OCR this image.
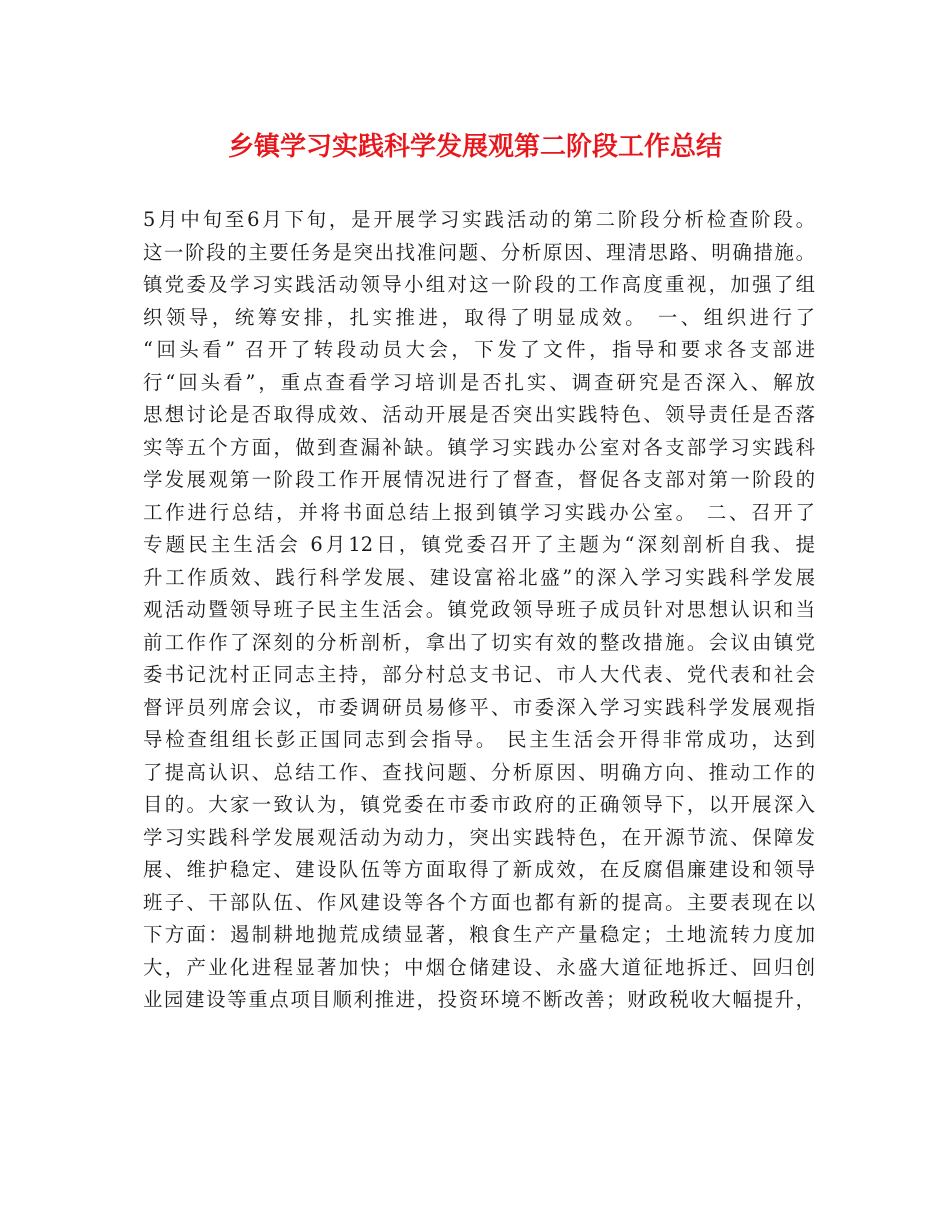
乡镇学习实践科学发展观第二阶段工作总结
5月中旬至6月下旬，是开展学习实践活动的第二阶段分析检查阶段。
这一阶段的主要任务是突出找准问题、分析原因、理清思路、明确措施。
镇党委及学习实践活动领导小组对这一阶段的工作高度重视，加强了组
织领导，统筹安排，扎实推进，取得了明显成效。 一、组织进行了
“回头看” 召开了转段动员大会，下发了文件，指导和要求各支部进
行“回头看”，重点查看学习培训是否扎实、调查研究是否深入、解放
思想讨论是否取得成效、活动开展是否突出实践特色、领导责任是否落
实等五个方面，做到查漏补缺。镇学习实践办公室对各支部学习实践科
学发展观第一阶段工作开展情况进行了督查，督促各支部对第一阶段的
工作进行总结，并将书面总结上报到镇学习实践办公室。 二、召开了
专题民主生活会 6月12日，镇党委召开了主题为“深刻剖析自我、提
升工作质效、践行科学发展、建设富裕北盛”的深入学习实践科学发展
观活动暨领导班子民主生活会。镇党政领导班子成员针对思想认识和当
前工作作了深刻的分析剖析，拿出了切实有效的整改措施。会议由镇党
委书记沈村正同志主持，部分村总支书记、市人大代表、党代表和社会
督评员列席会议，市委调研员易修平、市委深入学习实践科学发展观指
导检查组组长彭正国同志到会指导。 民主生活会开得非常成功，达到
了提高认识、总结工作、查找问题、分析原因、明确方向、推动工作的
目的。大家一致认为，镇党委在市委市政府的正确领导下，以开展深入
学习实践科学发展观活动为动力，突出实践特色，在开源节流、保障发
展、维护稳定、建设队伍等方面取得了新成效，在反腐倡廉建设和领导
班子、干部队伍、作风建设等各个方面也都有新的提高。主要表现在以
下方面：遏制耕地抛荒成绩显著，粮食生产产量稳定；土地流转力度加
大，产业化进程显著加快；中烟仓储建设、永盛大道征地拆迁、回归创
业园建设等重点项目顺利推进，投资环境不断改善；财政税收大幅提升，
